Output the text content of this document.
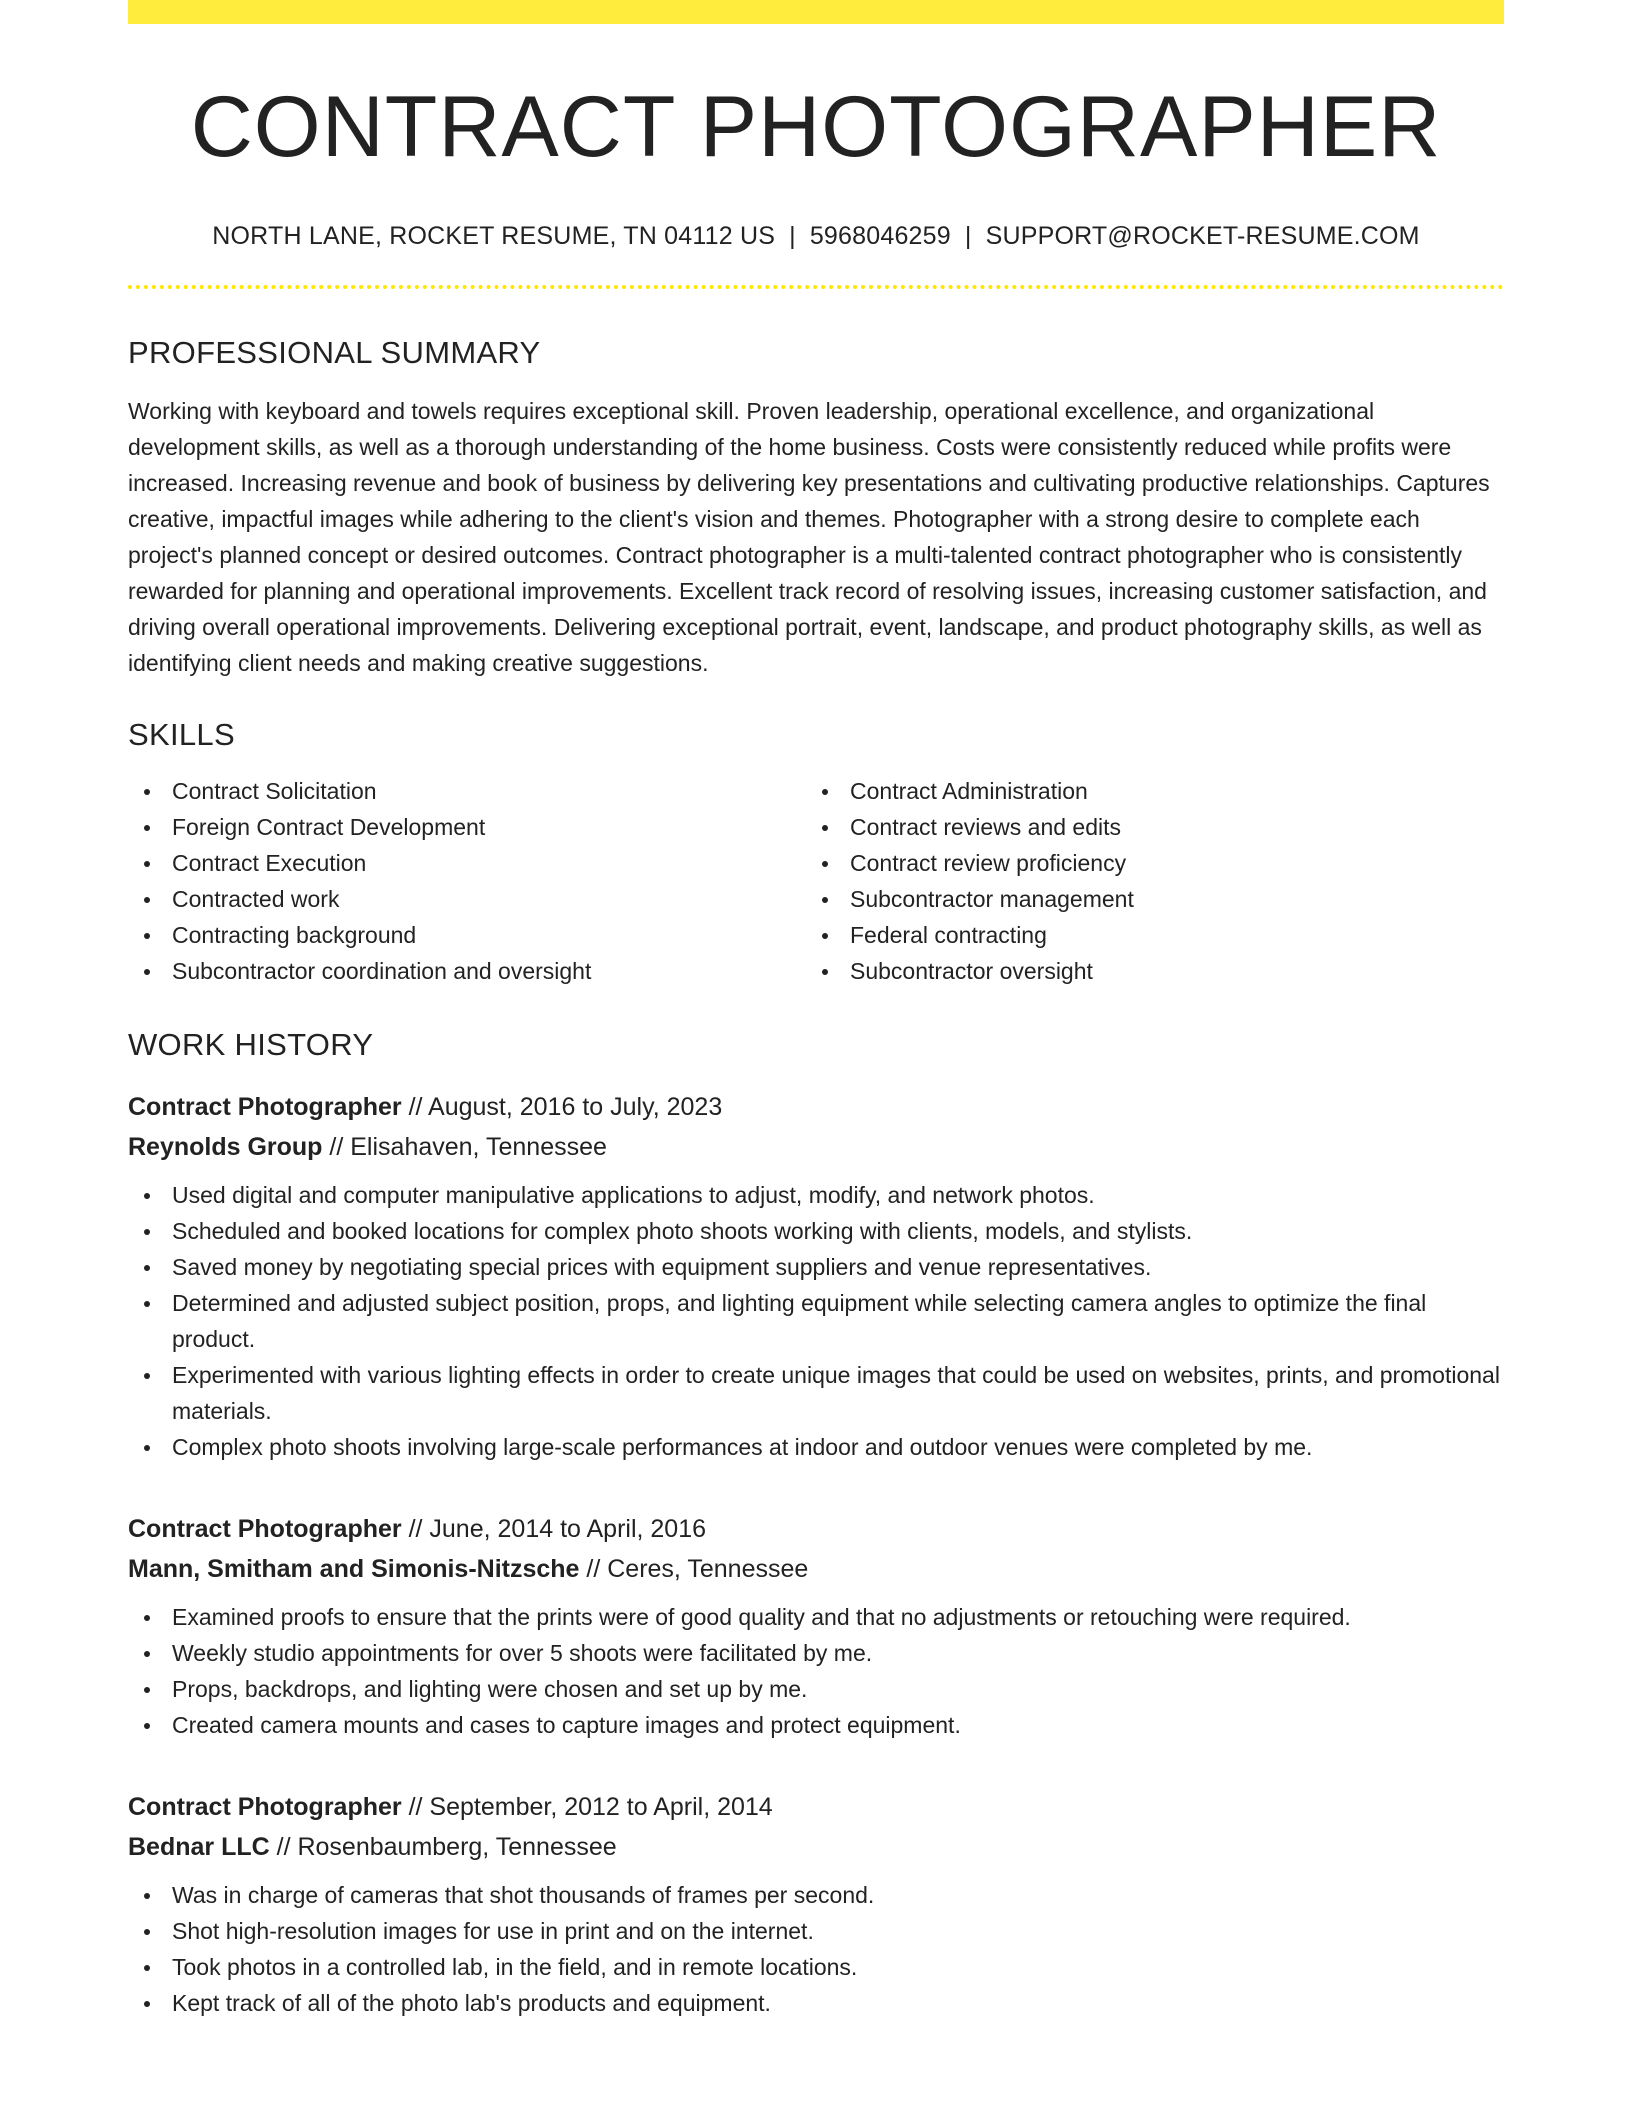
CONTRACT PHOTOGRAPHER
NORTH LANE, ROCKET RESUME, TN 04112 US | 5968046259 | SUPPORT@ROCKET-RESUME.COM
PROFESSIONAL SUMMARY

Working with keyboard and towels requires exceptional skill. Proven leadership, operational excellence, and organizational development skills, as well as a thorough understanding of the home business. Costs were consistently reduced while profits were increased. Increasing revenue and book of business by delivering key presentations and cultivating productive relationships. Captures creative, impactful images while adhering to the client's vision and themes. Photographer with a strong desire to complete each project's planned concept or desired outcomes. Contract photographer is a multi-talented contract photographer who is consistently rewarded for planning and operational improvements. Excellent track record of resolving issues, increasing customer satisfaction, and driving overall operational improvements. Delivering exceptional portrait, event, landscape, and product photography skills, as well as identifying client needs and making creative suggestions.

SKILLS
Contract Solicitation
Foreign Contract Development
Contract Execution
Contracted work
Contracting background
Subcontractor coordination and oversight
Contract Administration
Contract reviews and edits
Contract review proficiency
Subcontractor management
Federal contracting
Subcontractor oversight
WORK HISTORY
Contract Photographer // August, 2016 to July, 2023
Reynolds Group // Elisahaven, Tennessee
Used digital and computer manipulative applications to adjust, modify, and network photos.
Scheduled and booked locations for complex photo shoots working with clients, models, and stylists.
Saved money by negotiating special prices with equipment suppliers and venue representatives.
Determined and adjusted subject position, props, and lighting equipment while selecting camera angles to optimize the final product.
Experimented with various lighting effects in order to create unique images that could be used on websites, prints, and promotional materials.
Complex photo shoots involving large-scale performances at indoor and outdoor venues were completed by me.
Contract Photographer // June, 2014 to April, 2016
Mann, Smitham and Simonis-Nitzsche // Ceres, Tennessee
Examined proofs to ensure that the prints were of good quality and that no adjustments or retouching were required.
Weekly studio appointments for over 5 shoots were facilitated by me.
Props, backdrops, and lighting were chosen and set up by me.
Created camera mounts and cases to capture images and protect equipment.
Contract Photographer // September, 2012 to April, 2014
Bednar LLC // Rosenbaumberg, Tennessee
Was in charge of cameras that shot thousands of frames per second.
Shot high-resolution images for use in print and on the internet.
Took photos in a controlled lab, in the field, and in remote locations.
Kept track of all of the photo lab's products and equipment.
